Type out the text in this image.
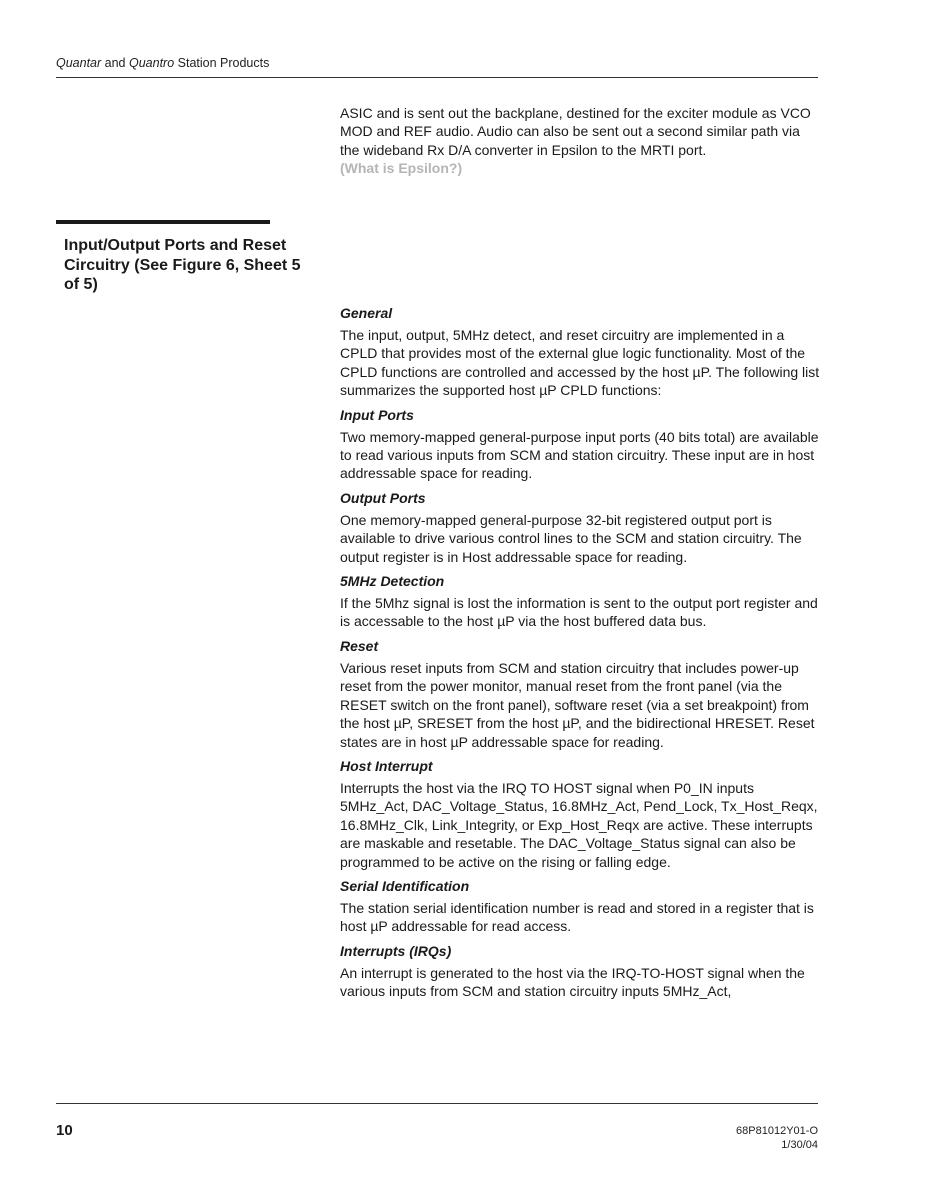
Quantar and Quantro Station Products
ASIC and is sent out the backplane, destined for the exciter module as VCO MOD and REF audio. Audio can also be sent out a second similar path via the wideband Rx D/A converter in Epsilon to the MRTI port.
(What is Epsilon?)
Input/Output Ports and Reset Circuitry (See Figure 6, Sheet 5 of 5)
General
The input, output, 5MHz detect, and reset circuitry are implemented in a CPLD that provides most of the external glue logic functionality. Most of the CPLD functions are controlled and accessed by the host µP. The following list summarizes the supported host µP CPLD functions:
Input Ports
Two memory-mapped general-purpose input ports (40 bits total) are available to read various inputs from SCM and station circuitry. These input are in host addressable space for reading.
Output Ports
One memory-mapped general-purpose 32-bit registered output port is available to drive various control lines to the SCM and station circuitry. The output register is in Host addressable space for reading.
5MHz Detection
If the 5Mhz signal is lost the information is sent to the output port register and is accessable to the host µP via the host buffered data bus.
Reset
Various reset inputs from SCM and station circuitry that includes power-up reset from the power monitor, manual reset from the front panel (via the RESET switch on the front panel), software reset (via a set breakpoint) from the host µP, SRESET from the host µP, and the bidirectional HRESET. Reset states are in host µP addressable space for reading.
Host Interrupt
Interrupts the host via the IRQ TO HOST signal when P0_IN inputs 5MHz_Act, DAC_Voltage_Status, 16.8MHz_Act, Pend_Lock, Tx_Host_Reqx, 16.8MHz_Clk, Link_Integrity, or Exp_Host_Reqx are active. These interrupts are maskable and resetable. The DAC_Voltage_Status signal can also be programmed to be active on the rising or falling edge.
Serial Identification
The station serial identification number is read and stored in a register that is host µP addressable for read access.
Interrupts (IRQs)
An interrupt is generated to the host via the IRQ-TO-HOST signal when the various inputs from SCM and station circuitry inputs 5MHz_Act,
10	68P81012Y01-O
1/30/04
